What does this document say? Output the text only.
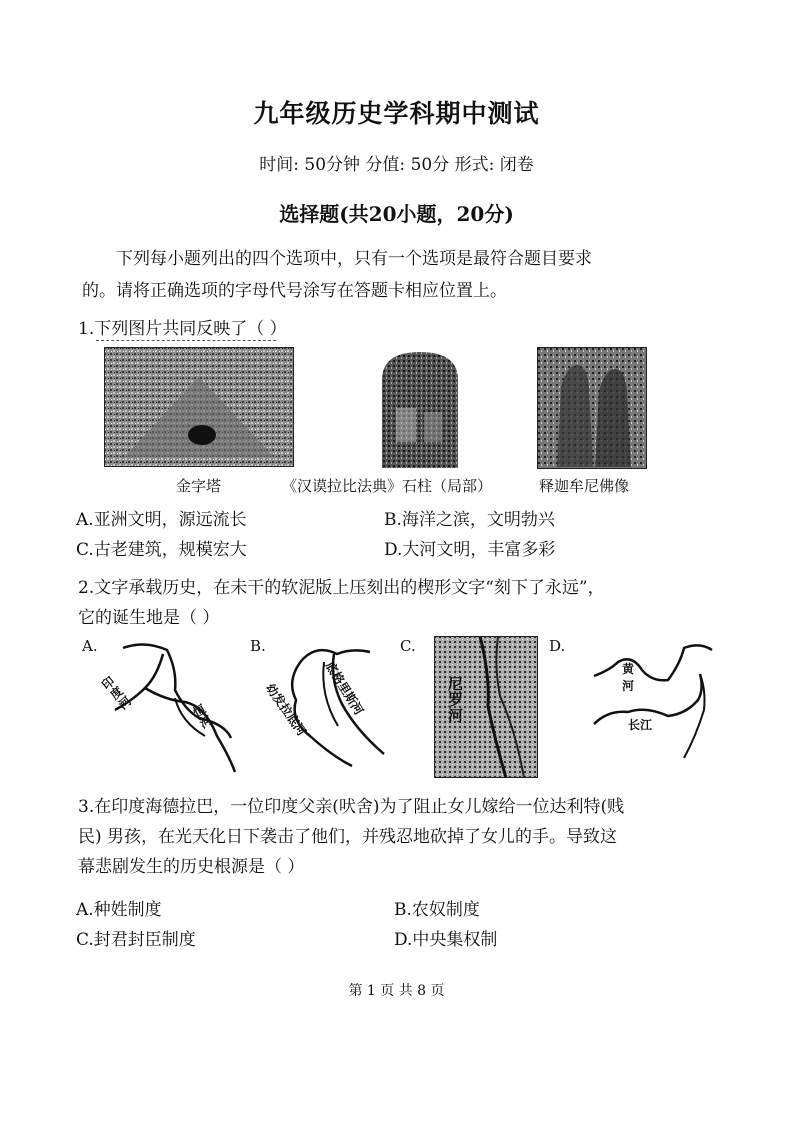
九年级历史学科期中测试
时间: 50分钟 分值: 50分 形式: 闭卷
选择题(共20小题，20分)
下列每小题列出的四个选项中，只有一个选项是最符合题目要求
的。请将正确选项的字母代号涂写在答题卡相应位置上。
1.下列图片共同反映了（ ）
金字塔	《汉谟拉比法典》石柱（局部）	释迦牟尼佛像
A.亚洲文明，源远流长	B.海洋之滨，文明勃兴
C.古老建筑，规模宏大	D.大河文明，丰富多彩
2.文字承载历史，在未干的软泥版上压刻出的楔形文字“刻下了永远”，
它的诞生地是（ ）
A.	B.	C.	D.
印度河	恒河	幼发拉底河	底格里斯河	尼罗河
黄河
长江
3.在印度海德拉巴，一位印度父亲(吠舍)为了阻止女儿嫁给一位达利特(贱
民) 男孩，在光天化日下袭击了他们，并残忍地砍掉了女儿的手。导致这
幕悲剧发生的历史根源是（ ）
A.种姓制度	B.农奴制度
C.封君封臣制度	D.中央集权制
第 1 页 共 8 页
